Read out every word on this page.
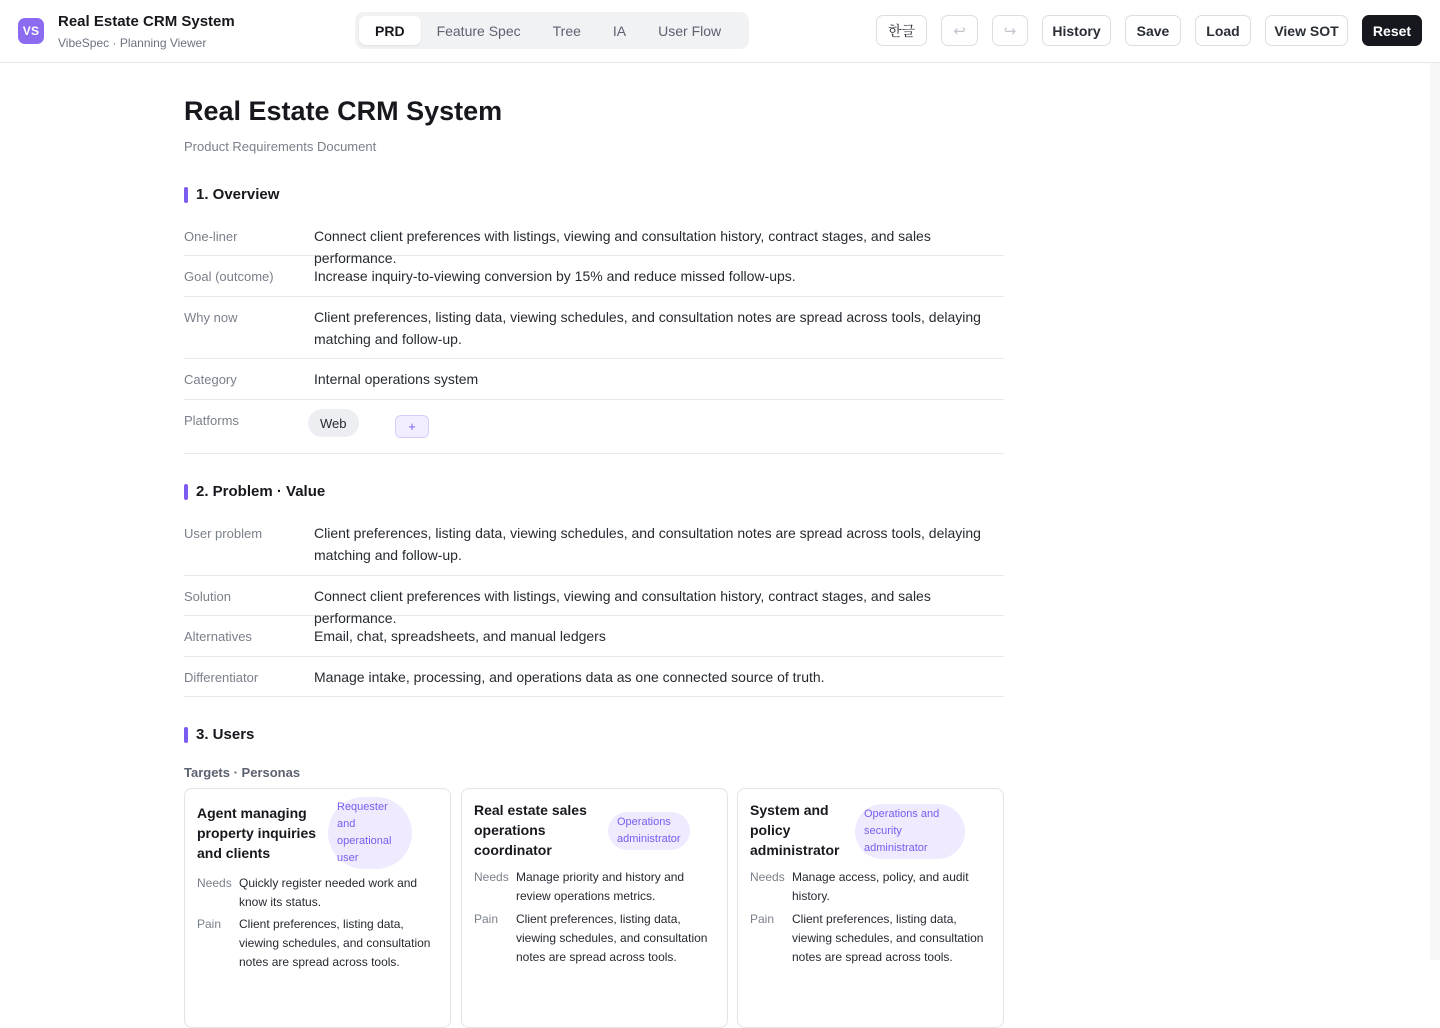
VS
Real Estate CRM System
VibeSpec · Planning Viewer
PRD	Feature Spec	Tree	IA	User Flow	한글	↩	↪	History	Save	Load	View SOT	Reset
Real Estate CRM System
Product Requirements Document
1. Overview
One-liner	Connect client preferences with listings, viewing and consultation history, contract stages, and sales performance.
Goal (outcome)	Increase inquiry-to-viewing conversion by 15% and reduce missed follow-ups.
Why now	Client preferences, listing data, viewing schedules, and consultation notes are spread across tools, delaying matching and follow-up.
Category	Internal operations system
Platforms	Web	+
2. Problem · Value
User problem	Client preferences, listing data, viewing schedules, and consultation notes are spread across tools, delaying matching and follow-up.
Solution	Connect client preferences with listings, viewing and consultation history, contract stages, and sales performance.
Alternatives	Email, chat, spreadsheets, and manual ledgers
Differentiator	Manage intake, processing, and operations data as one connected source of truth.
3. Users
Targets · Personas
Agent managing property inquiries and clients
Requester and operational user
Needs Quickly register needed work and know its status.
Pain Client preferences, listing data, viewing schedules, and consultation notes are spread across tools.
Real estate sales operations coordinator
Operations administrator
Needs Manage priority and history and review operations metrics.
Pain Client preferences, listing data, viewing schedules, and consultation notes are spread across tools.
System and policy administrator
Operations and security administrator
Needs Manage access, policy, and audit history.
Pain Client preferences, listing data, viewing schedules, and consultation notes are spread across tools.
